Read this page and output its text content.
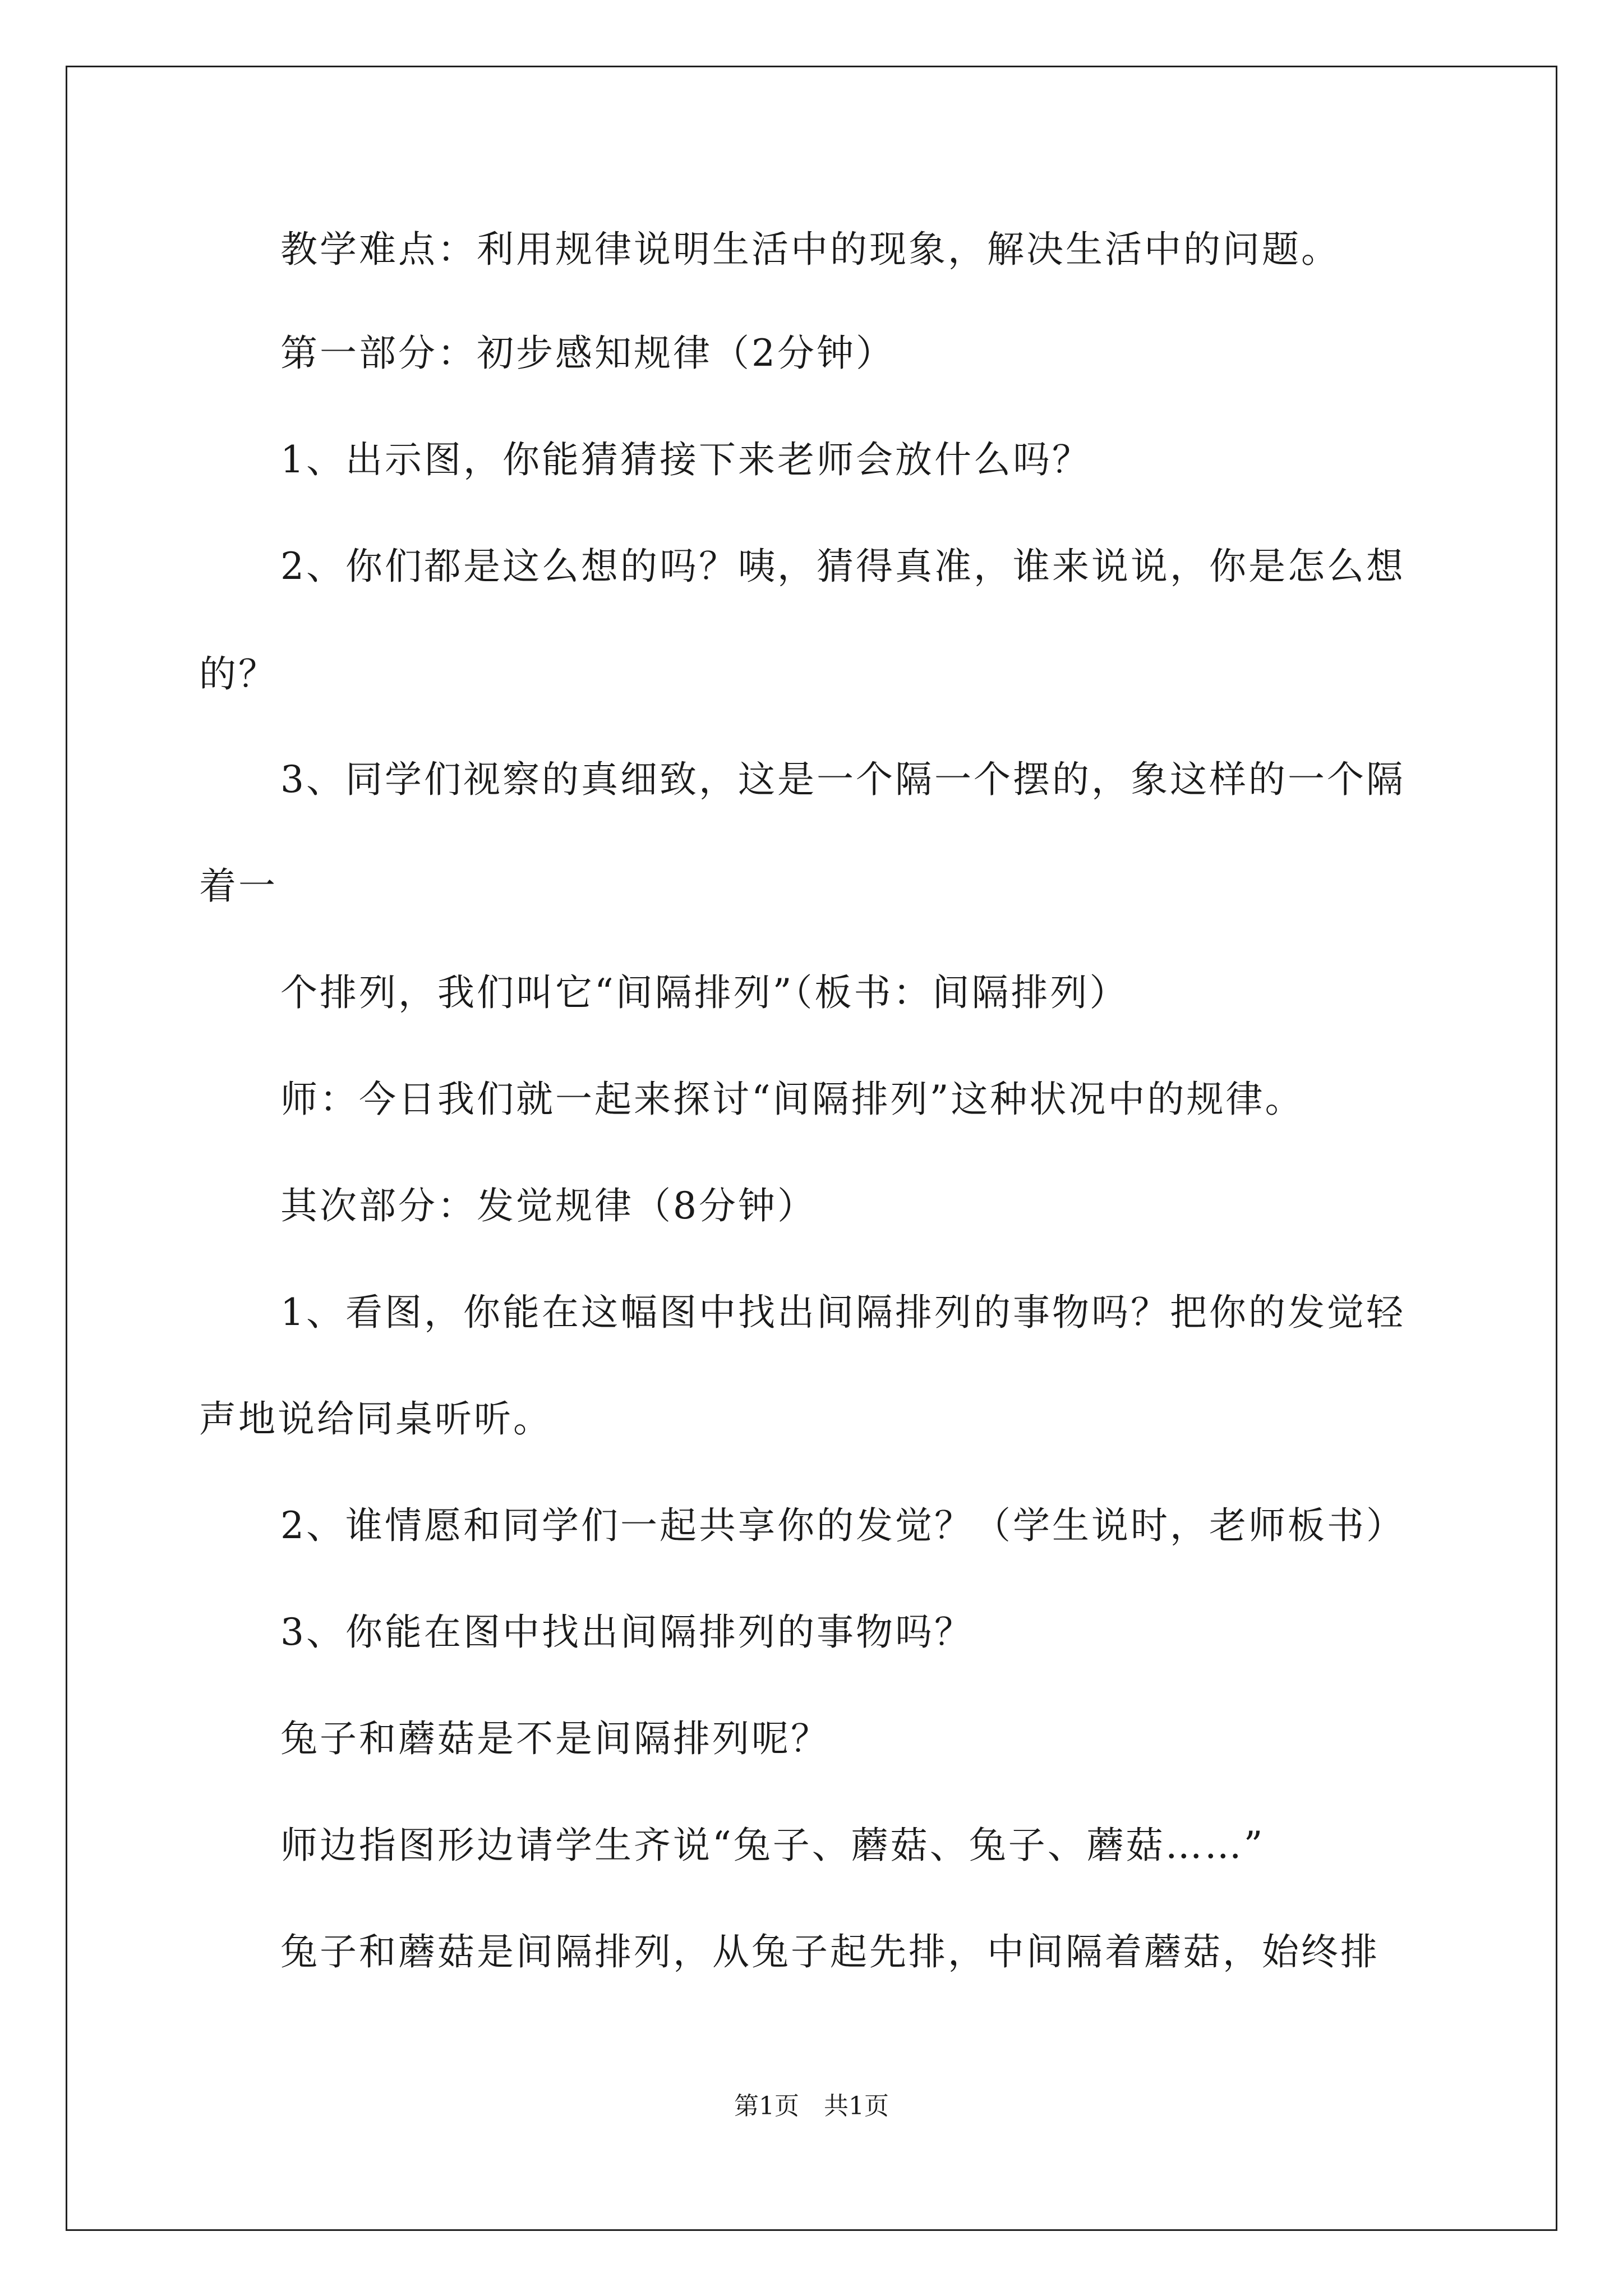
教学难点：利用规律说明生活中的现象，解决生活中的问题。
第一部分：初步感知规律（2分钟）
1、出示图，你能猜猜接下来老师会放什么吗？
2、你们都是这么想的吗？咦，猜得真准，谁来说说，你是怎么想
的？
3、同学们视察的真细致，这是一个隔一个摆的，象这样的一个隔
着一
个排列，我们叫它“间隔排列”（板书：间隔排列）
师：今日我们就一起来探讨“间隔排列”这种状况中的规律。
其次部分：发觉规律（8分钟）
1、看图，你能在这幅图中找出间隔排列的事物吗？把你的发觉轻
声地说给同桌听听。
2、谁情愿和同学们一起共享你的发觉？（学生说时，老师板书）
3、你能在图中找出间隔排列的事物吗？
兔子和蘑菇是不是间隔排列呢？
师边指图形边请学生齐说“兔子、蘑菇、兔子、蘑菇……”
兔子和蘑菇是间隔排列，从兔子起先排，中间隔着蘑菇，始终排
第1页　共1页
